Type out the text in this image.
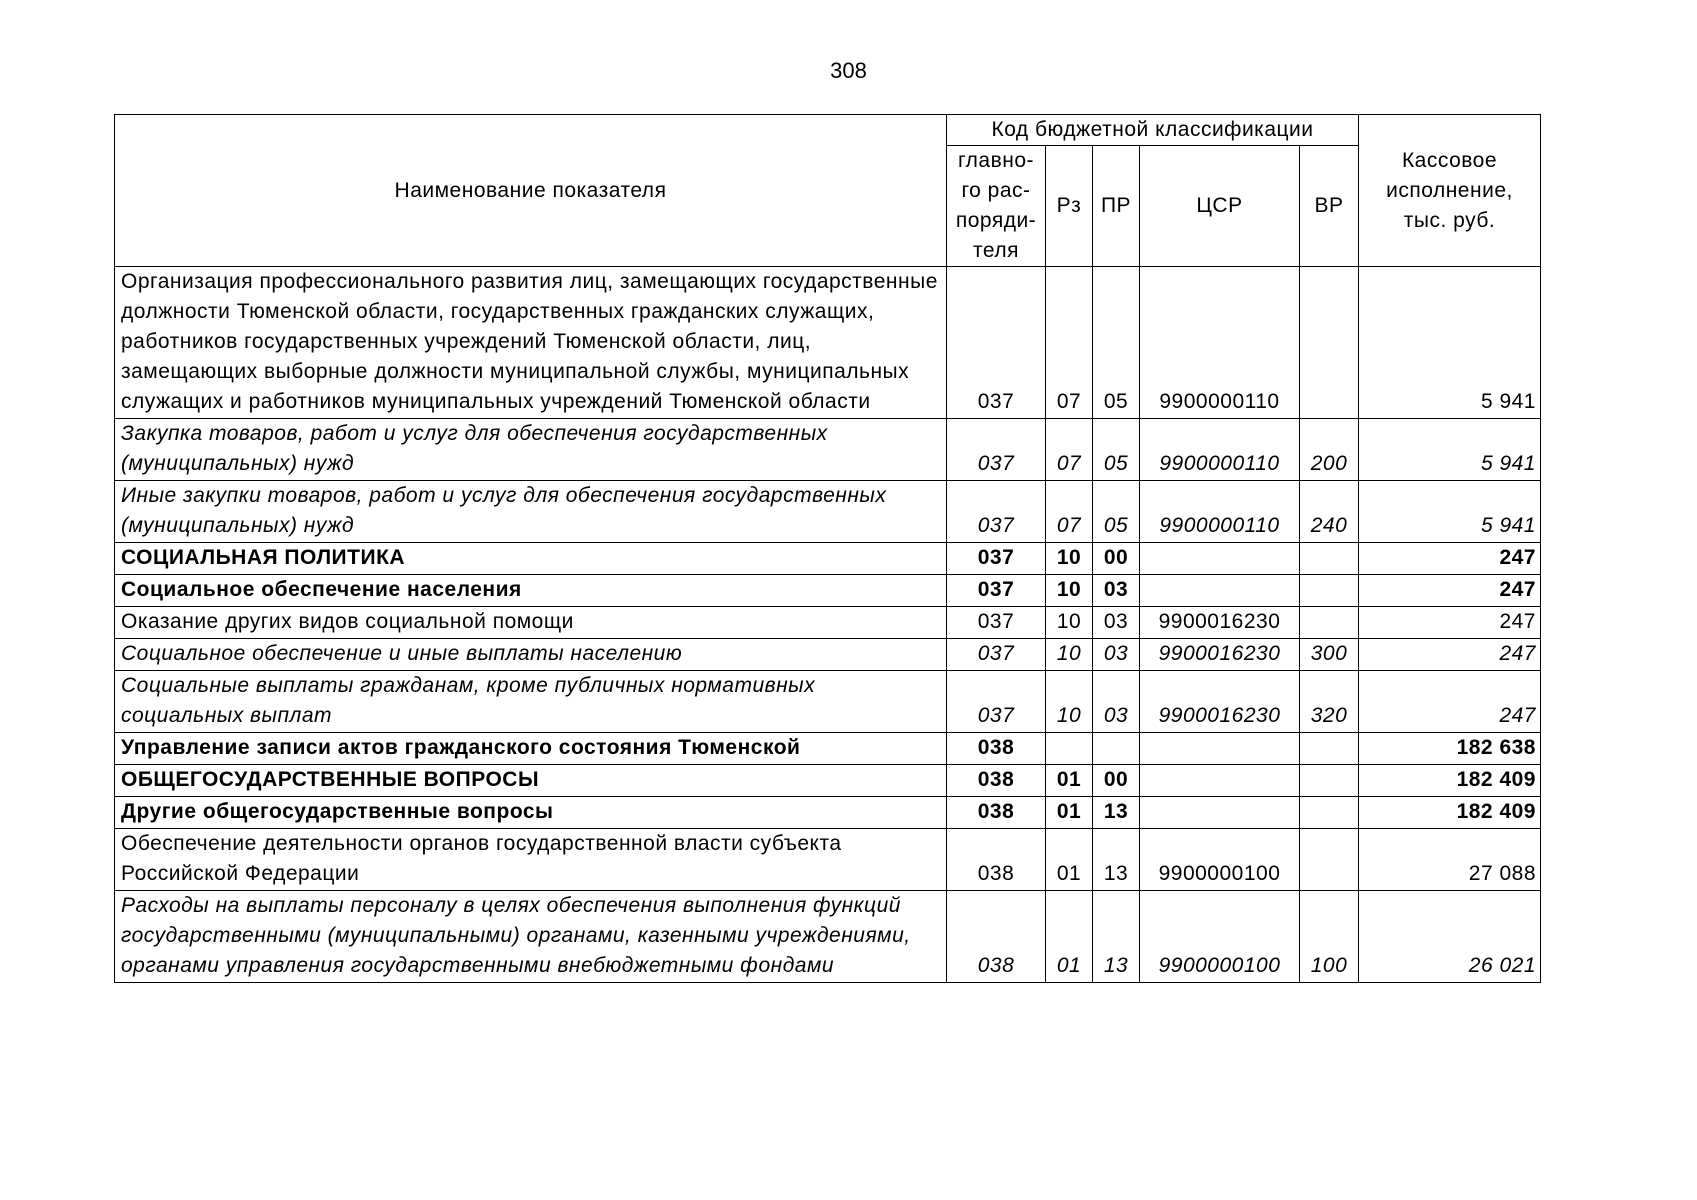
308
Наименование показателя	Код бюджетной классификации					Кассовое исполнение, тыс. руб.
	главно-го рас-поряди-теля	Рз	ПР	ЦСР	ВР	
Организация профессионального развития лиц, замещающих государственные должности Тюменской области, государственных гражданских служащих, работников государственных учреждений Тюменской области, лиц, замещающих выборные должности муниципальной службы, муниципальных служащих и работников муниципальных учреждений Тюменской области	037	07	05	9900000110		5 941
Закупка товаров, работ и услуг для обеспечения государственных (муниципальных) нужд	037	07	05	9900000110	200	5 941
Иные закупки товаров, работ и услуг для обеспечения государственных (муниципальных) нужд	037	07	05	9900000110	240	5 941
СОЦИАЛЬНАЯ ПОЛИТИКА	037	10	00			247
Социальное обеспечение населения	037	10	03			247
Оказание других видов социальной помощи	037	10	03	9900016230		247
Социальное обеспечение и иные выплаты населению	037	10	03	9900016230	300	247
Социальные выплаты гражданам, кроме публичных нормативных социальных выплат	037	10	03	9900016230	320	247
Управление записи актов гражданского состояния Тюменской	038					182 638
ОБЩЕГОСУДАРСТВЕННЫЕ ВОПРОСЫ	038	01	00			182 409
Другие общегосударственные вопросы	038	01	13			182 409
Обеспечение деятельности органов государственной власти субъекта Российской Федерации	038	01	13	9900000100		27 088
Расходы на выплаты персоналу в целях обеспечения выполнения функций государственными (муниципальными) органами, казенными учреждениями, органами управления государственными внебюджетными фондами	038	01	13	9900000100	100	26 021
